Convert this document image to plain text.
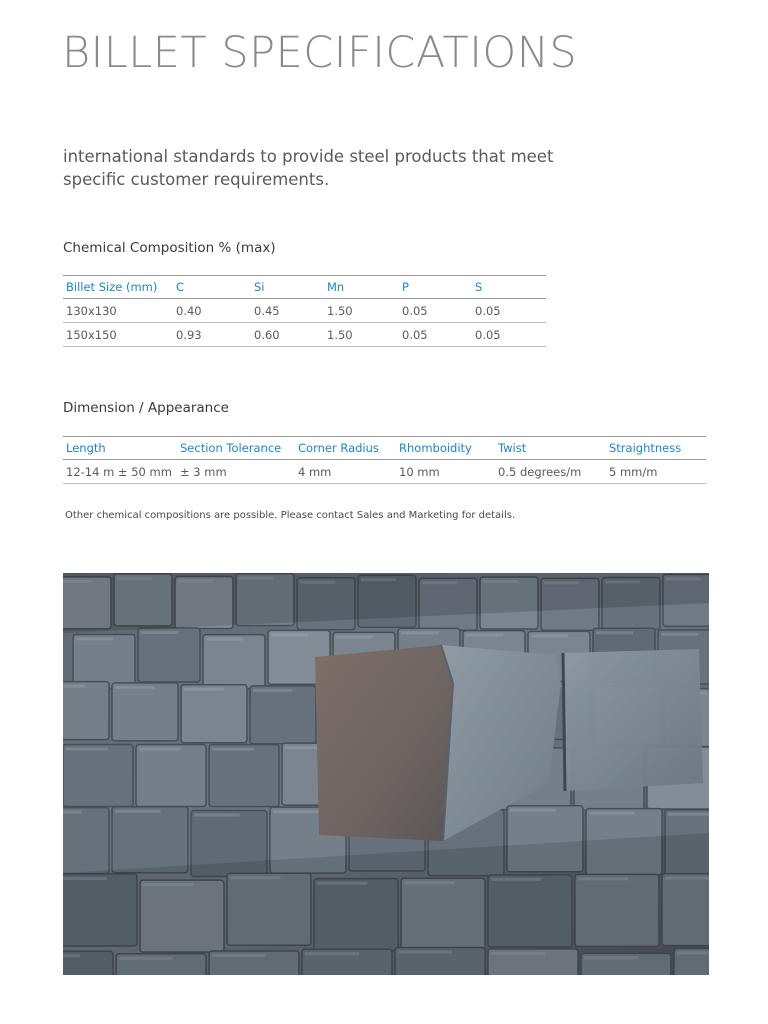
BILLET SPECIFICATIONS

international standards to provide steel products that meet
specific customer requirements.

Chemical Composition % (max)
Billet Size (mm)	C	Si	Mn	P	S
130x130	0.40	0.45	1.50	0.05	0.05
150x150	0.93	0.60	1.50	0.05	0.05
Dimension / Appearance
Length	Section Tolerance	Corner Radius	Rhomboidity	Twist	Straightness
12-14 m ± 50 mm	± 3 mm	4 mm	10 mm	0.5 degrees/m	5 mm/m

Other chemical compositions are possible. Please contact Sales and Marketing for details.
